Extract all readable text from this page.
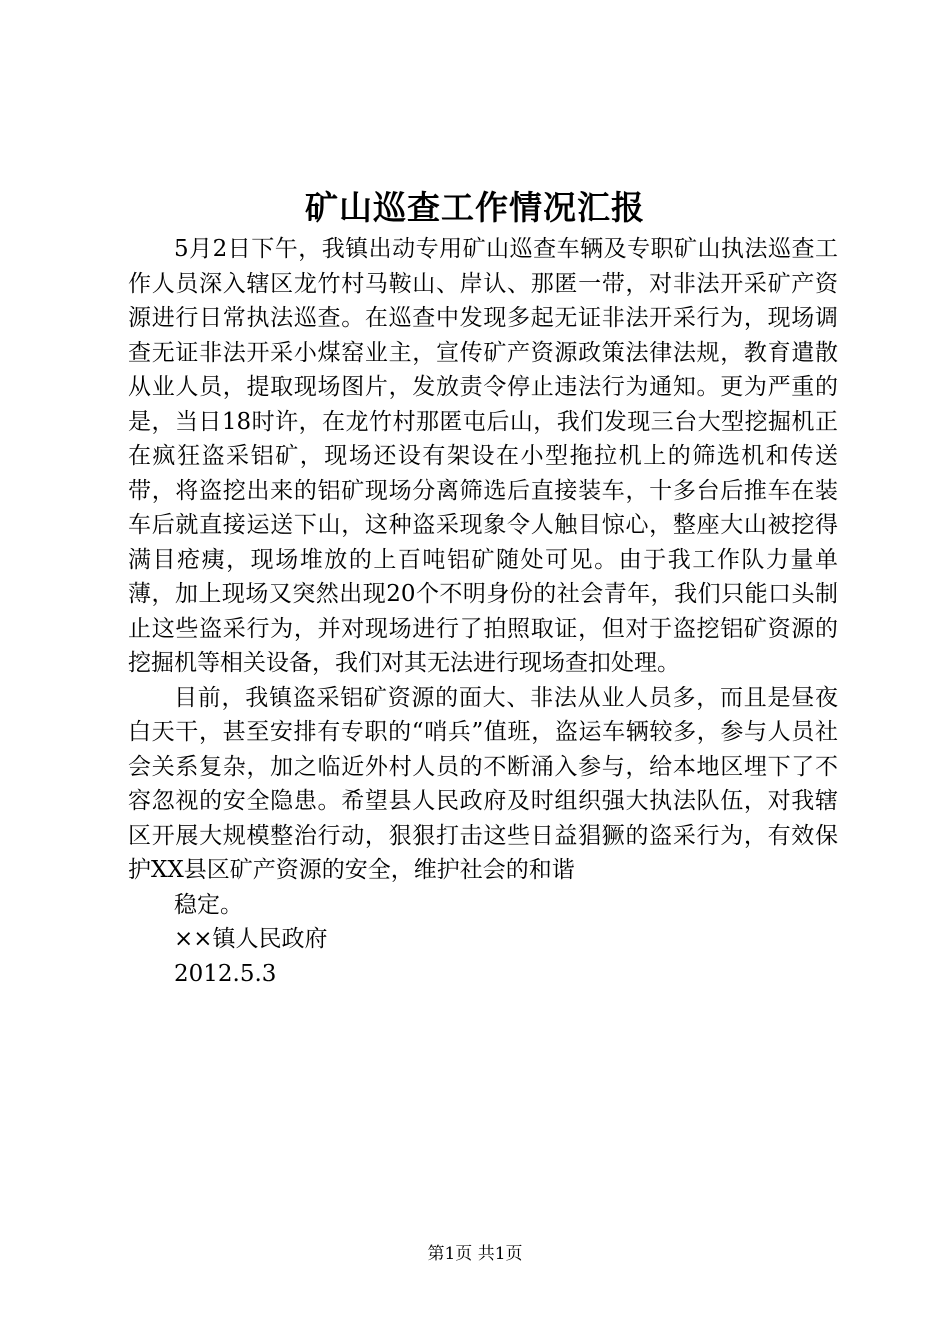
矿山巡查工作情况汇报

5月2日下午，我镇出动专用矿山巡查车辆及专职矿山执法巡查工作人员深入辖区龙竹村马鞍山、岸认、那匿一带，对非法开采矿产资源进行日常执法巡查。在巡查中发现多起无证非法开采行为，现场调查无证非法开采小煤窑业主，宣传矿产资源政策法律法规，教育遣散从业人员，提取现场图片，发放责令停止违法行为通知。更为严重的是，当日18时许，在龙竹村那匿屯后山，我们发现三台大型挖掘机正在疯狂盗采铝矿，现场还设有架设在小型拖拉机上的筛选机和传送带，将盗挖出来的铝矿现场分离筛选后直接装车，十多台后推车在装车后就直接运送下山，这种盗采现象令人触目惊心，整座大山被挖得满目疮痍，现场堆放的上百吨铝矿随处可见。由于我工作队力量单薄，加上现场又突然出现20个不明身份的社会青年，我们只能口头制止这些盗采行为，并对现场进行了拍照取证，但对于盗挖铝矿资源的挖掘机等相关设备，我们对其无法进行现场查扣处理。

目前，我镇盗采铝矿资源的面大、非法从业人员多，而且是昼夜白天干，甚至安排有专职的“哨兵”值班，盗运车辆较多，参与人员社会关系复杂，加之临近外村人员的不断涌入参与，给本地区埋下了不容忽视的安全隐患。希望县人民政府及时组织强大执法队伍，对我辖区开展大规模整治行动，狠狠打击这些日益猖獗的盗采行为，有效保护XX县区矿产资源的安全，维护社会的和谐

稳定。

××镇人民政府

2012.5.3

第1页 共1页
